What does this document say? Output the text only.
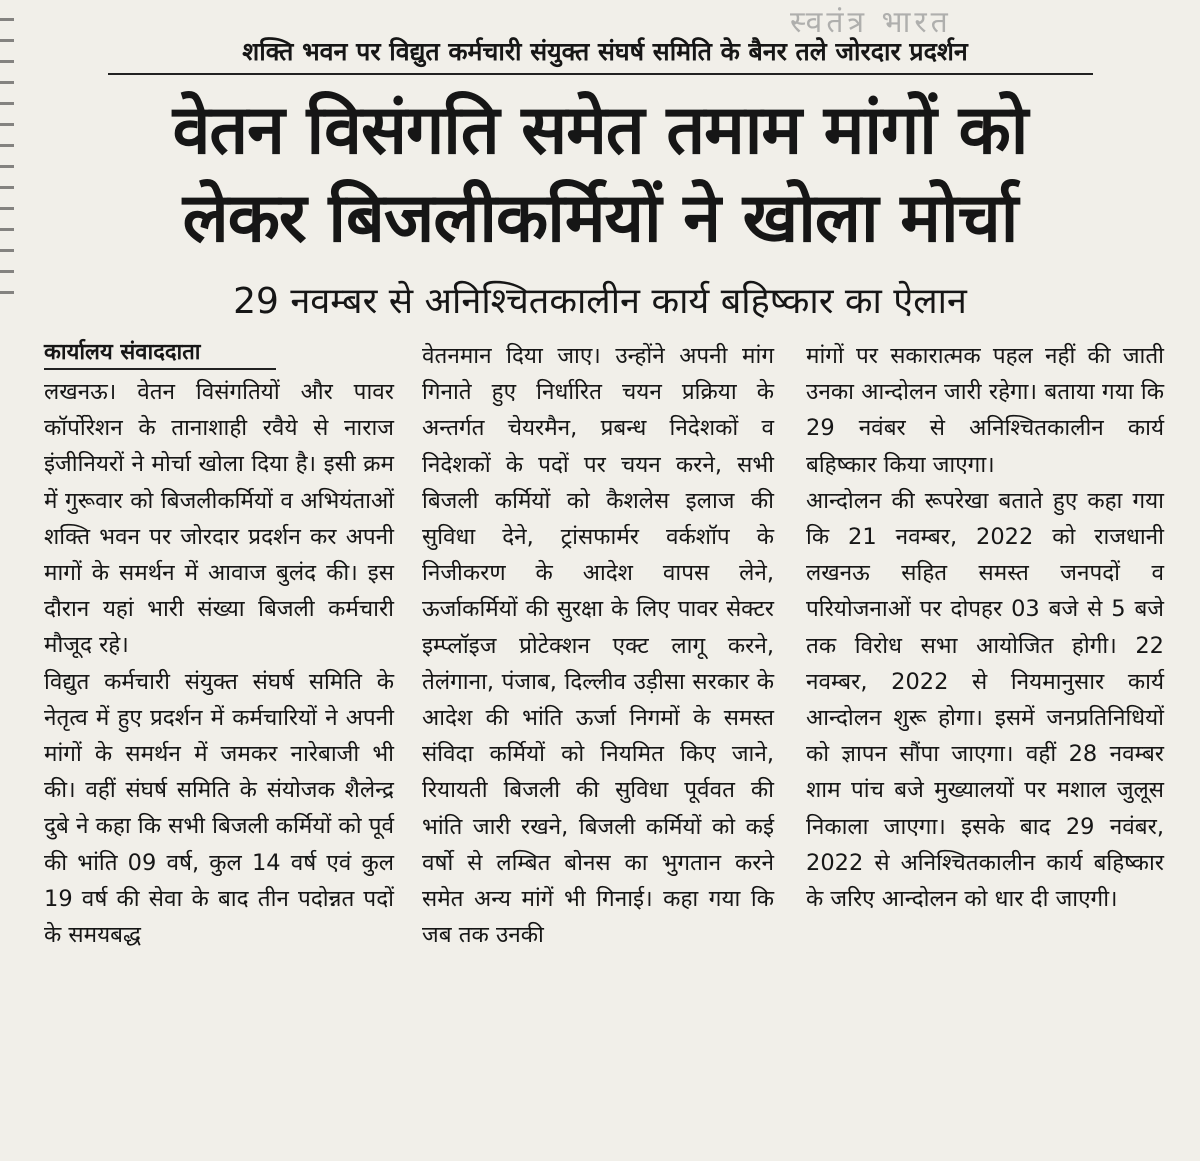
स्वतंत्र भारत
शक्ति भवन पर विद्युत कर्मचारी संयुक्त संघर्ष समिति के बैनर तले जोरदार प्रदर्शन
वेतन विसंगति समेत तमाम मांगों को
लेकर बिजलीकर्मियों ने खोला मोर्चा
29 नवम्बर से अनिश्चितकालीन कार्य बहिष्कार का ऐलान
कार्यालय संवाददाता

लखनऊ। वेतन विसंगतियों और पावर कॉर्पोरेशन के तानाशाही रवैये से नाराज इंजीनियरों ने मोर्चा खोला दिया है। इसी क्रम में गुरूवार को बिजलीकर्मियों व अभियंताओं शक्ति भवन पर जोरदार प्रदर्शन कर अपनी मागों के समर्थन में आवाज बुलंद की। इस दौरान यहां भारी संख्या बिजली कर्मचारी मौजूद रहे।

विद्युत कर्मचारी संयुक्त संघर्ष समिति के नेतृत्व में हुए प्रदर्शन में कर्मचारियों ने अपनी मांगों के समर्थन में जमकर नारेबाजी भी की। वहीं संघर्ष समिति के संयोजक शैलेन्द्र दुबे ने कहा कि सभी बिजली कर्मियों को पूर्व की भांति 09 वर्ष, कुल 14 वर्ष एवं कुल 19 वर्ष की सेवा के बाद तीन पदोन्नत पदों के समयबद्ध

वेतनमान दिया जाए। उन्होंने अपनी मांग गिनाते हुए निर्धारित चयन प्रक्रिया के अन्तर्गत चेयरमैन, प्रबन्ध निदेशकों व निदेशकों के पदों पर चयन करने, सभी बिजली कर्मियों को कैशलेस इलाज की सुविधा देने, ट्रांसफार्मर वर्कशॉप के निजीकरण के आदेश वापस लेने, ऊर्जाकर्मियों की सुरक्षा के लिए पावर सेक्टर इम्प्लॉइज प्रोटेक्शन एक्ट लागू करने, तेलंगाना, पंजाब, दिल्लीव उड़ीसा सरकार के आदेश की भांति ऊर्जा निगमों के समस्त संविदा कर्मियों को नियमित किए जाने, रियायती बिजली की सुविधा पूर्ववत की भांति जारी रखने, बिजली कर्मियों को कई वर्षो से लम्बित बोनस का भुगतान करने समेत अन्य मांगें भी गिनाई। कहा गया कि जब तक उनकी

मांगों पर सकारात्मक पहल नहीं की जाती उनका आन्दोलन जारी रहेगा। बताया गया कि 29 नवंबर से अनिश्चितकालीन कार्य बहिष्कार किया जाएगा।

आन्दोलन की रूपरेखा बताते हुए कहा गया कि 21 नवम्बर, 2022 को राजधानी लखनऊ सहित समस्त जनपदों व परियोजनाओं पर दोपहर 03 बजे से 5 बजे तक विरोध सभा आयोजित होगी। 22 नवम्बर, 2022 से नियमानुसार कार्य आन्दोलन शुरू होगा। इसमें जनप्रतिनिधियों को ज्ञापन सौंपा जाएगा। वहीं 28 नवम्बर शाम पांच बजे मुख्यालयों पर मशाल जुलूस निकाला जाएगा। इसके बाद 29 नवंबर, 2022 से अनिश्चितकालीन कार्य बहिष्कार के जरिए आन्दोलन को धार दी जाएगी।
